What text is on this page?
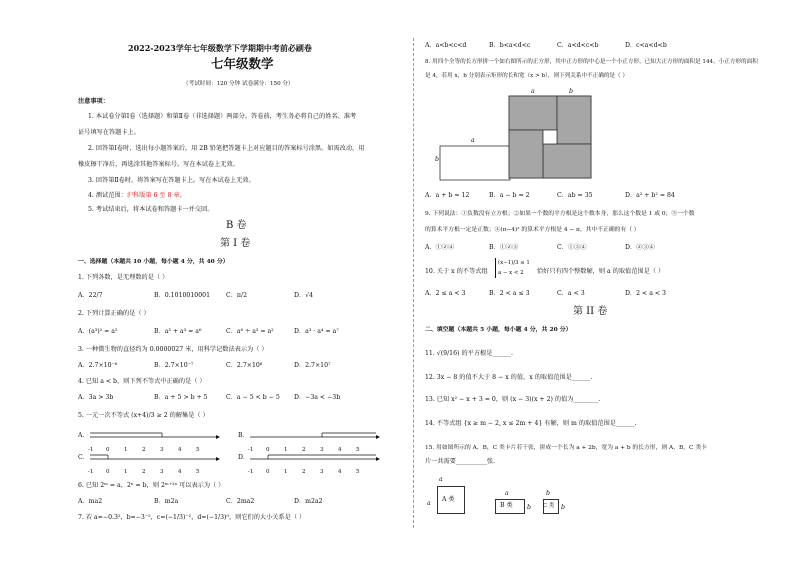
2022-2023学年七年级数学下学期期中考前必刷卷
七年级数学
（考试时间：120 分钟 试卷满分：150 分）
注意事项：
1. 本试卷分第Ⅰ卷（选择题）和第Ⅱ卷（非选择题）两部分。答卷前，考生务必将自己的姓名、准考
证号填写在答题卡上。
2. 回答第Ⅰ卷时，选出每小题答案后，用 2B 铅笔把答题卡上对应题目的答案标号涂黑。如需改动，用
橡皮擦干净后，再选涂其他答案标号。写在本试卷上无效。
3. 回答第Ⅱ卷时，将答案写在答题卡上。写在本试卷上无效。
4. 测试范围：沪科版第 6 至 8 章。
5. 考试结束后，将本试卷和答题卡一并交回。
B 卷
第 I 卷
一、选择题（本题共 10 小题，每小题 4 分，共 40 分）
1. 下列各数，是无理数的是（ ）
A．22/7	B．0.1010010001	C．π/2	D．√4
2. 下列计算正确的是（ ）
A．(a³)² = a⁵	B．a³ + a³ = a⁶	C．a⁶ ÷ a³ = a²	D．a³ · a⁴ = a⁷
3. 一种微生物的直径约为 0.0000027 米，用科学记数法表示为（ ）
A．2.7×10⁻⁶	B．2.7×10⁻⁷	C．2.7×10⁶	D．2.7×10⁷
4. 已知 a < b，则下列不等式中正确的是（ ）
A．3a > 3b	B．a + 5 > b + 5	C．a − 5 < b − 5 D．−3a < −3b
5. 一元一次不等式 (x+4)/3 ≥ 2 的解集是（ ）
A．	B．
C．	D．
-1 0	1	2	3	4	5	-1 0	1	2	3	4	5
-1 0	1	2	3	4	5	-1 0	1	2	3	4	5
6. 已知 2ᵐ = a，2ⁿ = b，则 2ᵐ⁺²ⁿ 可以表示为（ ）
A．ma2	B．m2a	C．2ma2	D．m2a2
7. 若 a=−0.3²，b=−3⁻²，c=(−1/3)⁻²，d=(−1/3)⁰，则它们的大小关系是（ ）
A．a<b<c<d	B．b<a<d<c	C．a<d<c<b	D．c<a<d<b
8. 用四个全等的长方形拼一个如右图所示的正方形，其中正方形的中心是一个小正方形，已知大正方形的面积是 144，小正方形的面积
是 4，若用 x，b 分别表示矩形的长和宽（x > b），则下列关系中不正确的是（ ）
a
b
a	b
A．a + b = 12	B．a − b = 2	C．ab = 35	D．a² + b² = 84
9. 下列说法：①负数没有立方根；②如果一个数的平方根是这个数本身，那么这个数是 1 或 0；③一个数
的算术平方根一定是正数；④(π−4)² 的算术平方根是 4 − π，其中不正确的有（ ）
A．①②④	B．①②③	C．①③④	D．②③④
10. 关于 x 的不等式组
(x−1)/3 ≤ 1
a − x < 2	恰好只有四个整数解，则 a 的取值范围是（ ）
A．2 ≤ a < 3	B．2 < a ≤ 3	C．a < 3	D．2 < a < 3
第 II 卷
二、填空题（本题共 5 小题，每小题 4 分，共 20 分）
11. √(9/16) 的平方根是______.
12. 3x − 8 的值不大于 8 − x 的值，x 的取值范围是______.
13. 已知 x² − x + 3 = 0，则 (x − 3)(x + 2) 的值为________.
14. 不等式组 {x ≥ m − 2, x ≤ 2m + 4} 有解，则 m 的取值范围是______.
15. 用如图所示的 A，B，C 类卡片若干张，拼成一个长为 a + 2b，宽为 a + b 的长方形，则 A，B，C 类卡
片一共需要__________张.
a
a
A 类
a
b
B 类
b
b
C 类
